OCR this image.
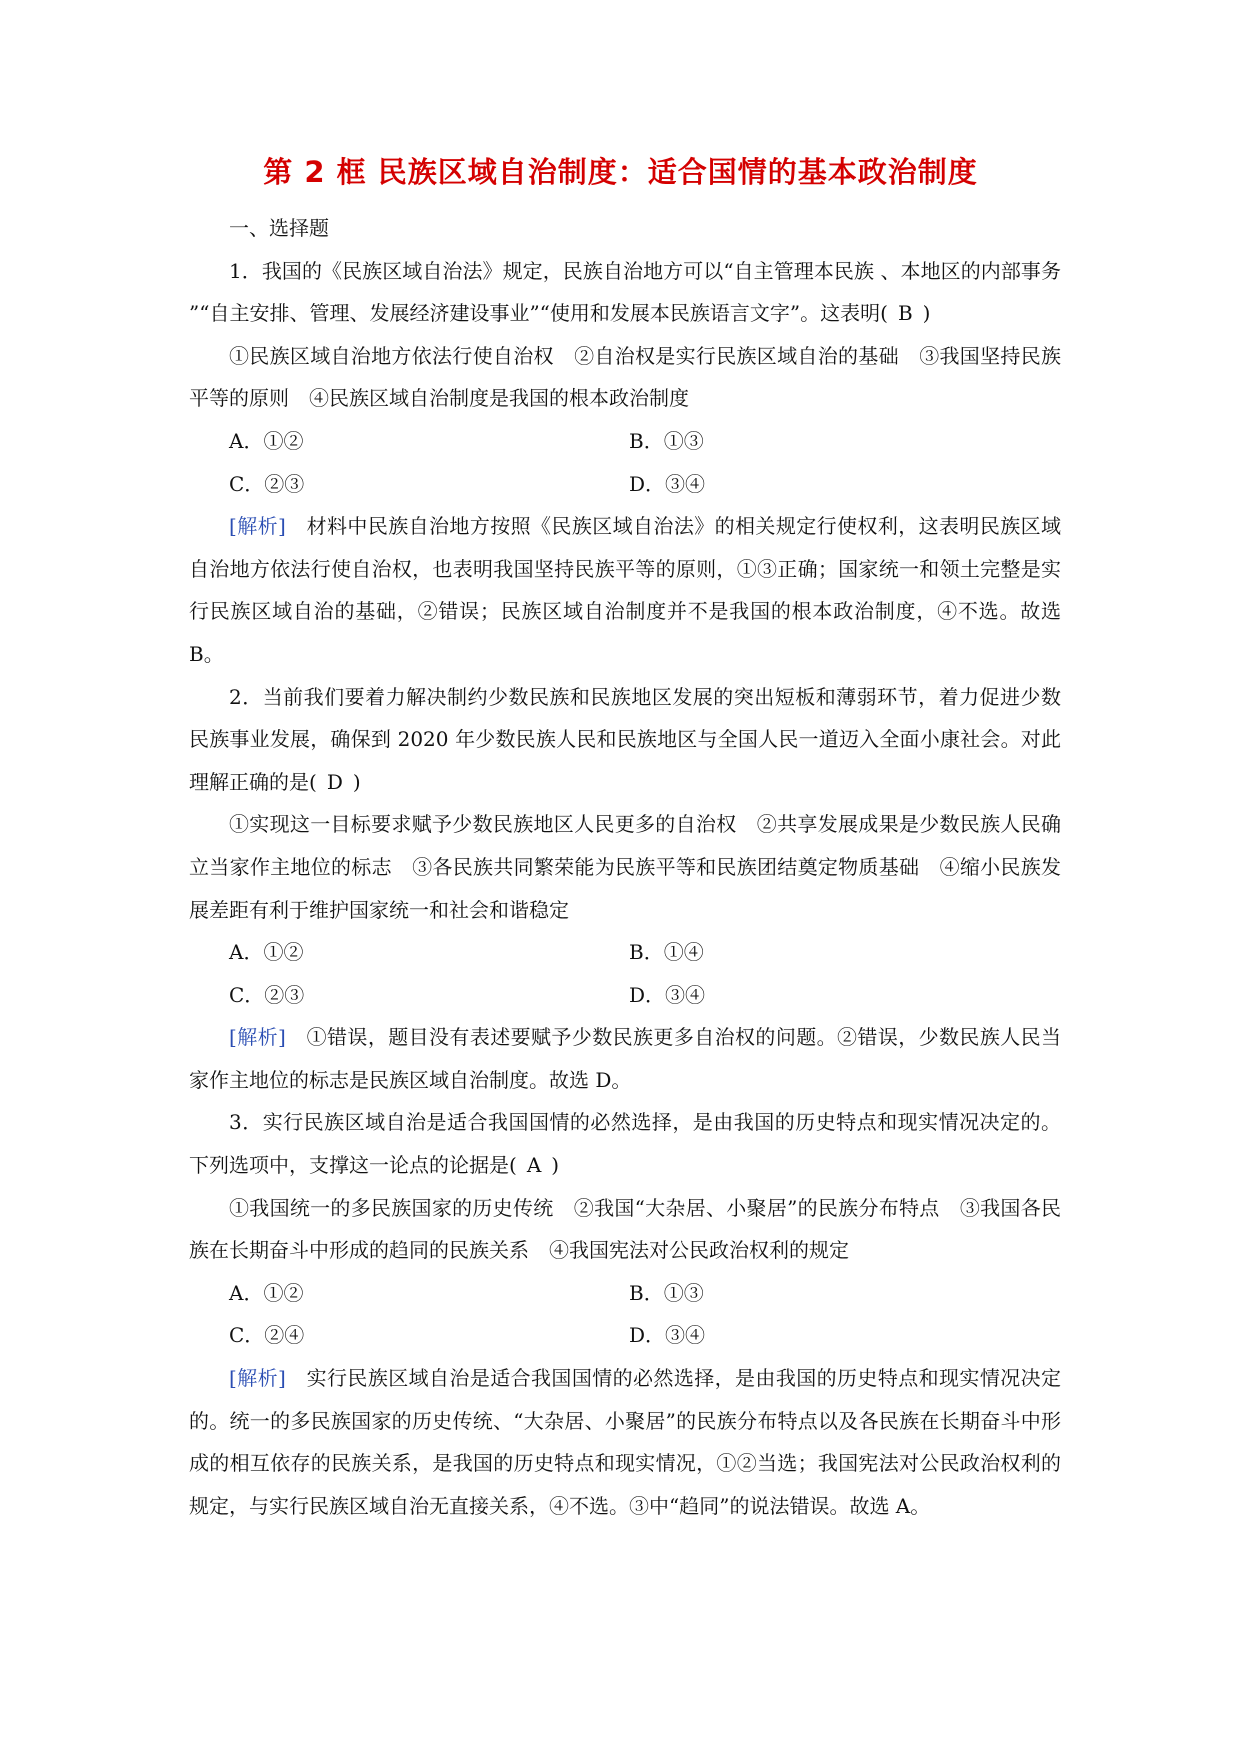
第 2 框 民族区域自治制度：适合国情的基本政治制度

一、选择题

1．我国的《民族区域自治法》规定，民族自治地方可以“自主管理本民族 、本地区的内部事务 ”“自主安排、管理、发展经济建设事业”“使用和发展本民族语言文字”。这表明( B )

①民族区域自治地方依法行使自治权　②自治权是实行民族区域自治的基础　③我国坚持民族平等的原则　④民族区域自治制度是我国的根本政治制度

A．①②	B．①③
C．②③	D．③④

[解析]　 材料中民族自治地方按照《民族区域自治法》的相关规定行使权利，这表明民族区域自治地方依法行使自治权，也表明我国坚持民族平等的原则，①③正确；国家统一和领土完整是实行民族区域自治的基础，②错误；民族区域自治制度并不是我国的根本政治制度，④不选。故选 B。

2．当前我们要着力解决制约少数民族和民族地区发展的突出短板和薄弱环节，着力促进少数民族事业发展，确保到 2020 年少数民族人民和民族地区与全国人民一道迈入全面小康社会。对此理解正确的是( D )

①实现这一目标要求赋予少数民族地区人民更多的自治权　②共享发展成果是少数民族人民确立当家作主地位的标志　③各民族共同繁荣能为民族平等和民族团结奠定物质基础　④缩小民族发展差距有利于维护国家统一和社会和谐稳定

A．①②	B．①④
C．②③	D．③④

[解析]　 ①错误，题目没有表述要赋予少数民族更多自治权的问题。②错误，少数民族人民当家作主地位的标志是民族区域自治制度。故选 D。

3．实行民族区域自治是适合我国国情的必然选择，是由我国的历史特点和现实情况决定的。下列选项中，支撑这一论点的论据是( A )

①我国统一的多民族国家的历史传统　②我国“大杂居、小聚居”的民族分布特点　③我国各民族在长期奋斗中形成的趋同的民族关系　④我国宪法对公民政治权利的规定

A．①②	B．①③
C．②④	D．③④

[解析]　 实行民族区域自治是适合我国国情的必然选择，是由我国的历史特点和现实情况决定的。统一的多民族国家的历史传统、“大杂居、小聚居”的民族分布特点以及各民族在长期奋斗中形成的相互依存的民族关系，是我国的历史特点和现实情况，①②当选；我国宪法对公民政治权利的规定，与实行民族区域自治无直接关系，④不选。③中“趋同”的说法错误。故选 A。
